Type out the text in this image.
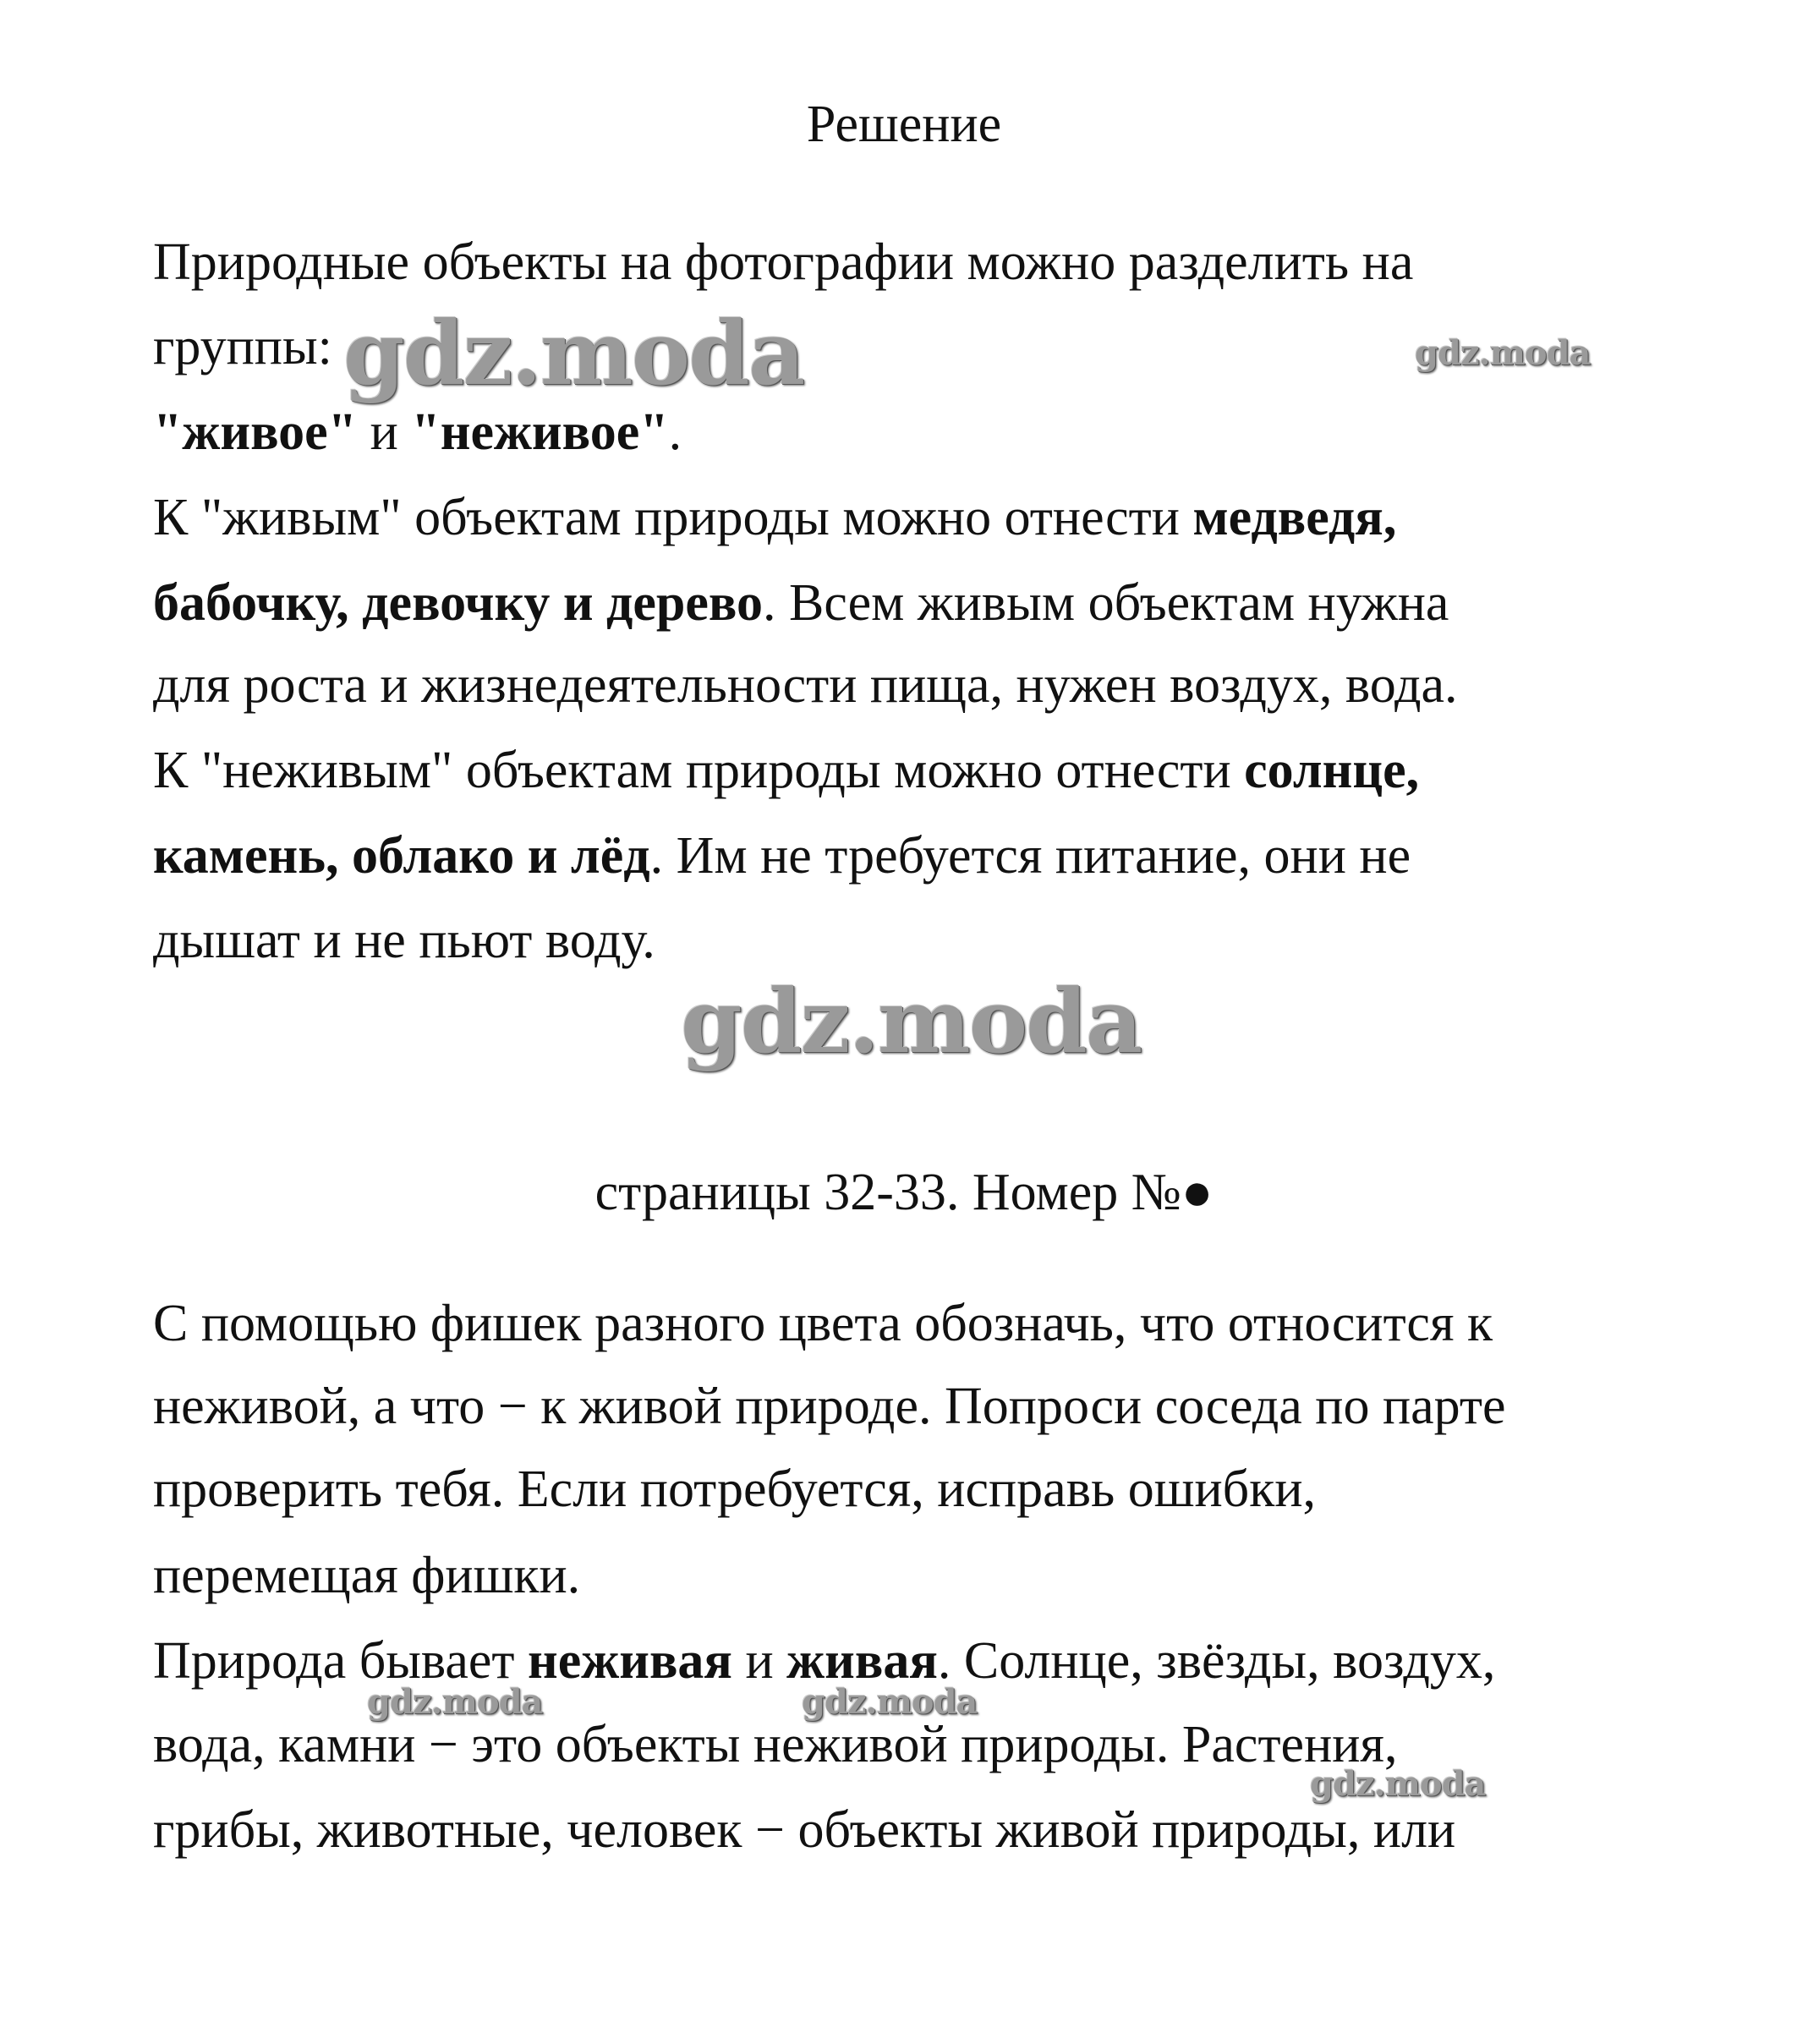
Решение
Природные объекты на фотографии можно разделить на
группы:
"живое" и "неживое".
К "живым" объектам природы можно отнести медведя,
бабочку, девочку и дерево. Всем живым объектам нужна
для роста и жизнедеятельности пища, нужен воздух, вода.
К "неживым" объектам природы можно отнести солнце,
камень, облако и лёд. Им не требуется питание, они не
дышат и не пьют воду.
страницы 32-33. Номер №●
С помощью фишек разного цвета обозначь, что относится к
неживой, а что − к живой природе. Попроси соседа по парте
проверить тебя. Если потребуется, исправь ошибки,
перемещая фишки.
Природа бывает неживая и живая. Солнце, звёзды, воздух,
вода, камни − это объекты неживой природы. Растения,
грибы, животные, человек − объекты живой природы, или
gdz.moda	gdz.moda
gdz.moda
gdz.moda	gdz.moda
gdz.moda
